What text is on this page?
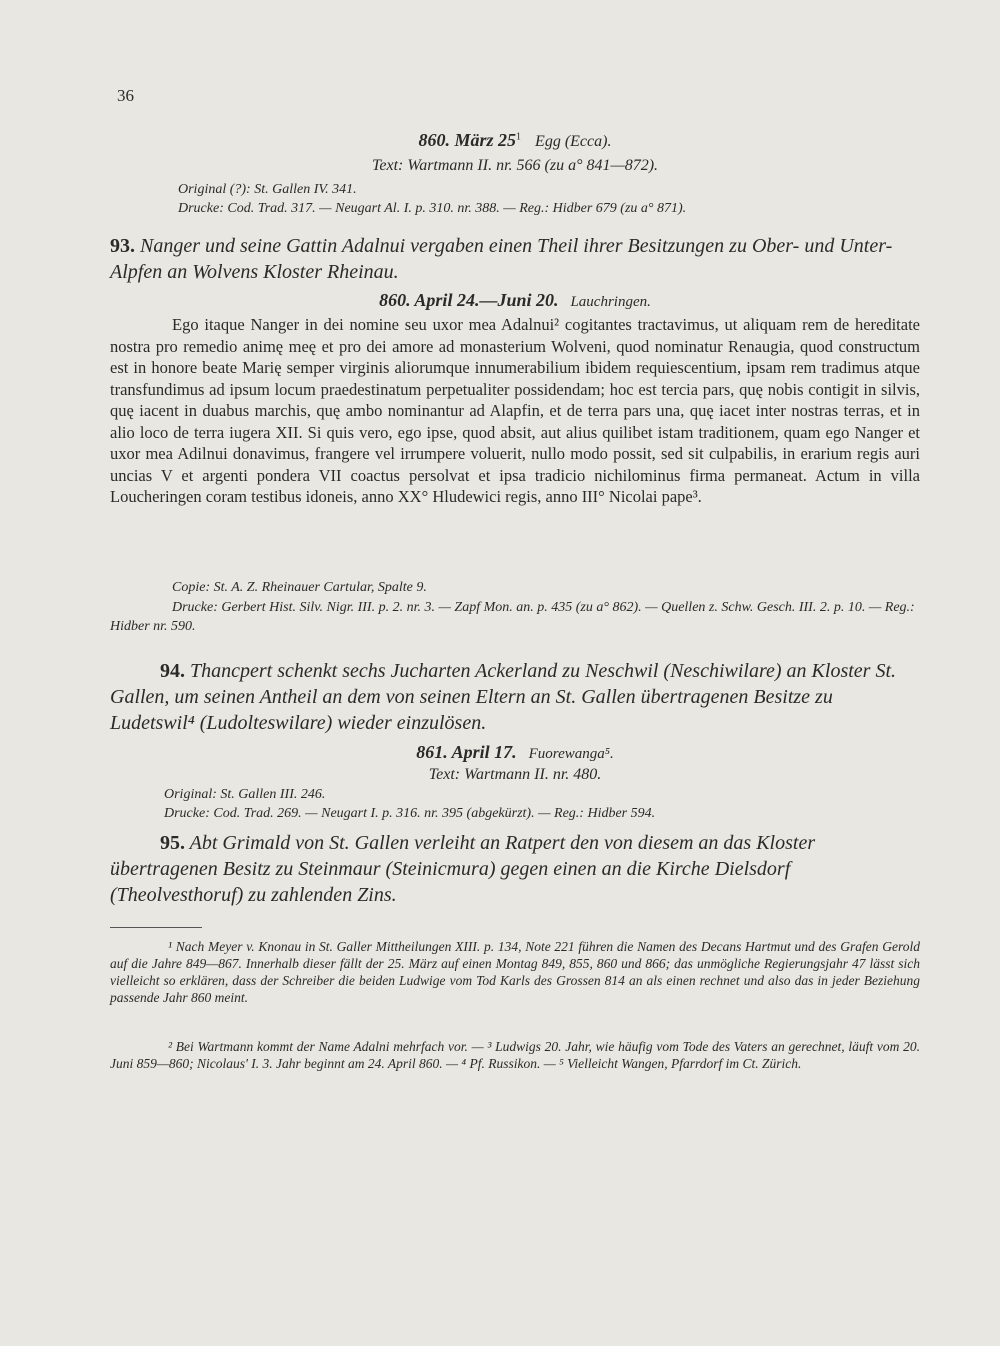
36
860. März $25^1$ Egg (Ecca).
Text: Wartmann II. nr. 566 (zu a° 841—872).
Original (?): St. Gallen IV. 341.
Drucke: Cod. Trad. 317. — Neugart Al. I. p. 310. nr. 388. — Reg.: Hidber 679 (zu a° 871).
93. Nanger und seine Gattin Adalnui vergaben einen Theil ihrer Besitzungen zu Ober- und Unter-Alpfen an Wolvens Kloster Rheinau.
860. April 24.—Juni 20. Lauchringen.
Ego itaque Nanger in dei nomine seu uxor mea Adalnui² cogitantes tractavimus, ut aliquam rem de hereditate nostra pro remedio animę meę et pro dei amore ad monasterium Wolveni, quod nominatur Renaugia, quod constructum est in honore beate Marię semper virginis aliorumque innumerabilium ibidem requiescentium, ipsam rem tradimus atque transfundimus ad ipsum locum praedestinatum perpetualiter possidendam; hoc est tercia pars, quę nobis contigit in silvis, quę iacent in duabus marchis, quę ambo nominantur ad Alapfin, et de terra pars una, quę iacet inter nostras terras, et in alio loco de terra iugera XII. Si quis vero, ego ipse, quod absit, aut alius quilibet istam traditionem, quam ego Nanger et uxor mea Adilnui donavimus, frangere vel irrumpere voluerit, nullo modo possit, sed sit culpabilis, in erarium regis auri uncias V et argenti pondera VII coactus persolvat et ipsa tradicio nichilominus firma permaneat. Actum in villa Loucheringen coram testibus idoneis, anno XX° Hludewici regis, anno III° Nicolai pape³.
Copie: St. A. Z. Rheinauer Cartular, Spalte 9.
Drucke: Gerbert Hist. Silv. Nigr. III. p. 2. nr. 3. — Zapf Mon. an. p. 435 (zu a° 862). — Quellen z. Schw. Gesch. III. 2. p. 10. — Reg.: Hidber nr. 590.
94. Thancpert schenkt sechs Jucharten Ackerland zu Neschwil (Neschiwilare) an Kloster St. Gallen, um seinen Antheil an dem von seinen Eltern an St. Gallen übertragenen Besitze zu Ludetswil⁴ (Ludolteswilare) wieder einzulösen.
861. April 17. Fuorewanga⁵.
Text: Wartmann II. nr. 480.
Original: St. Gallen III. 246.
Drucke: Cod. Trad. 269. — Neugart I. p. 316. nr. 395 (abgekürzt). — Reg.: Hidber 594.
95. Abt Grimald von St. Gallen verleiht an Ratpert den von diesem an das Kloster übertragenen Besitz zu Steinmaur (Steinicmura) gegen einen an die Kirche Dielsdorf (Theolvesthoruf) zu zahlenden Zins.
¹ Nach Meyer v. Knonau in St. Galler Mittheilungen XIII. p. 134, Note 221 führen die Namen des Decans Hartmut und des Grafen Gerold auf die Jahre 849—867. Innerhalb dieser fällt der 25. März auf einen Montag 849, 855, 860 und 866; das unmögliche Regierungsjahr 47 lässt sich vielleicht so erklären, dass der Schreiber die beiden Ludwige vom Tod Karls des Grossen 814 an als einen rechnet und also das in jeder Beziehung passende Jahr 860 meint.
² Bei Wartmann kommt der Name Adalni mehrfach vor. — ³ Ludwigs 20. Jahr, wie häufig vom Tode des Vaters an gerechnet, läuft vom 20. Juni 859—860; Nicolaus' I. 3. Jahr beginnt am 24. April 860. — ⁴ Pf. Russikon. — ⁵ Vielleicht Wangen, Pfarrdorf im Ct. Zürich.
